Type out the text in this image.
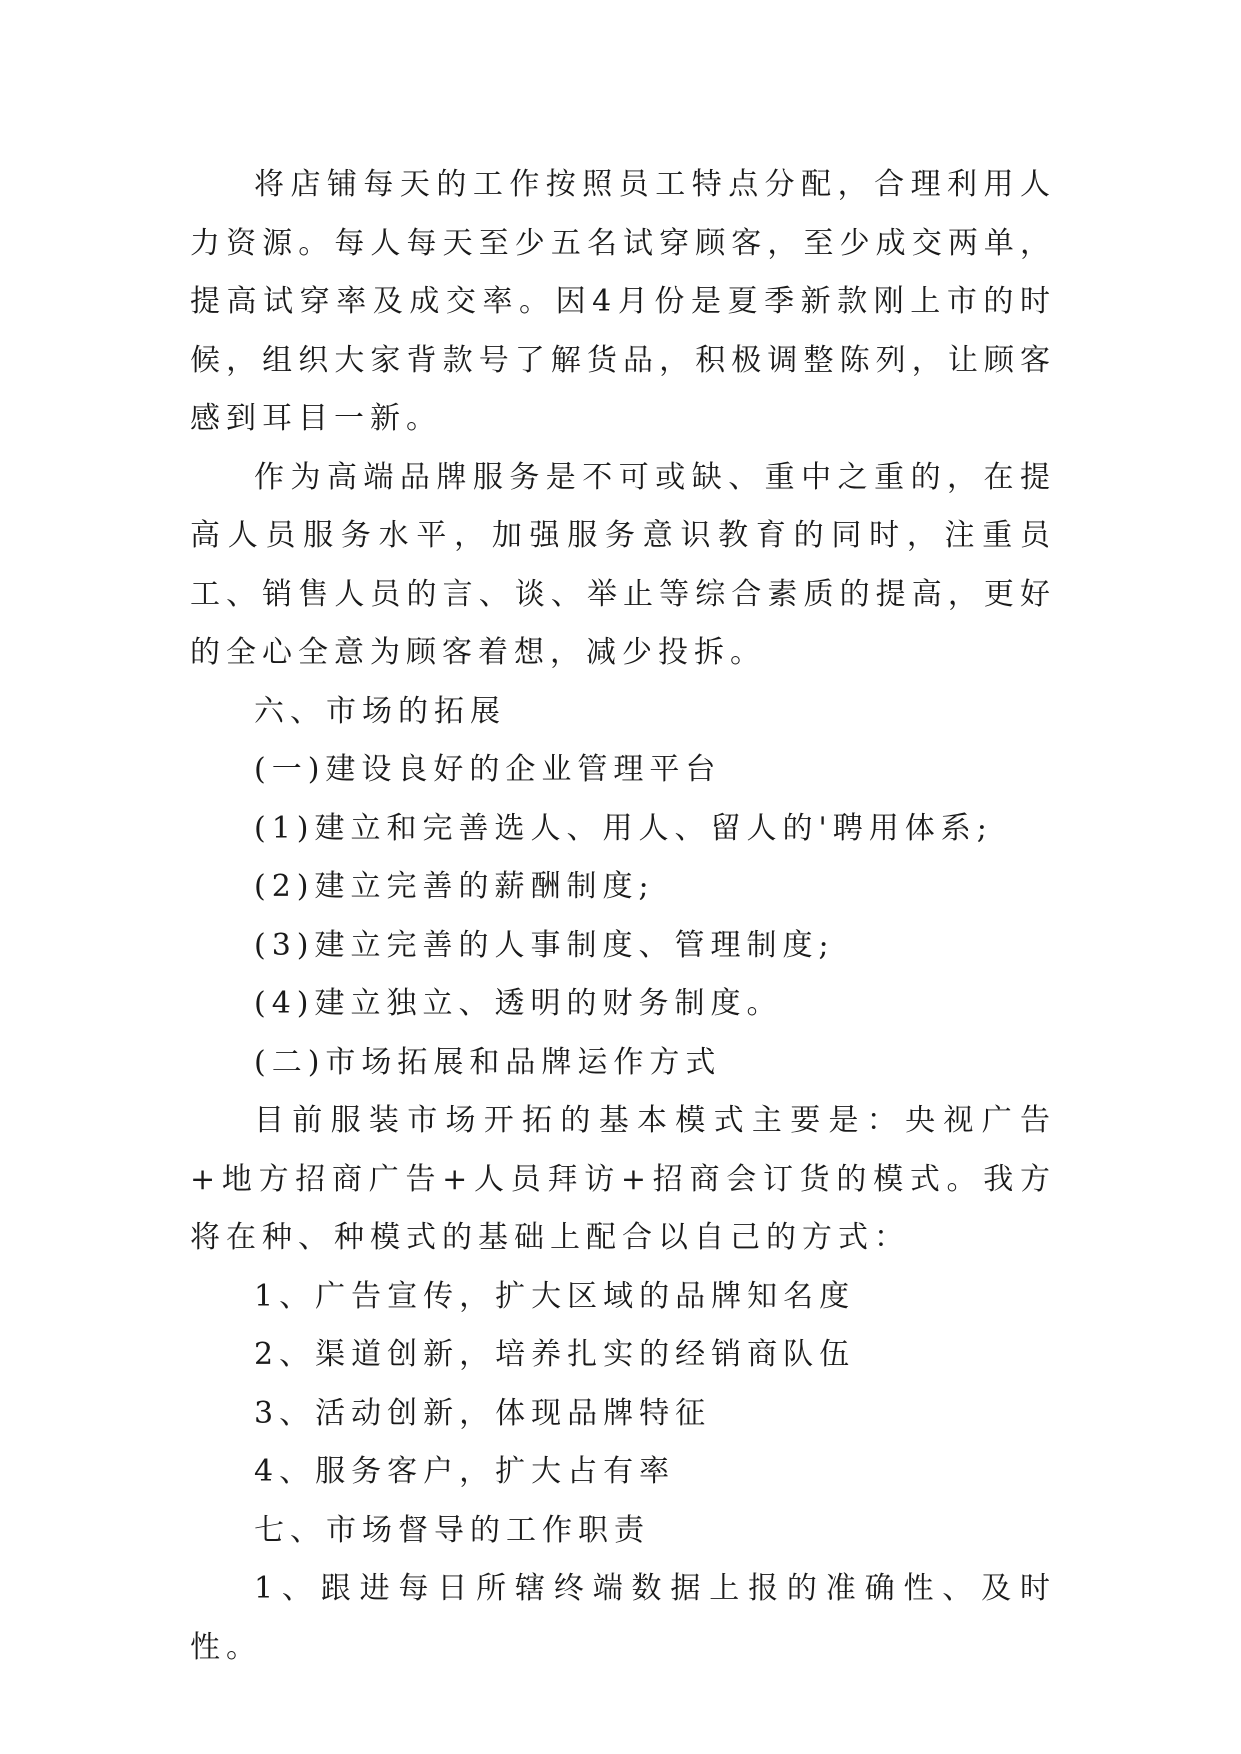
将店铺每天的工作按照员工特点分配，合理利用人力资源。每人每天至少五名试穿顾客，至少成交两单，提高试穿率及成交率。因4月份是夏季新款刚上市的时候，组织大家背款号了解货品，积极调整陈列，让顾客感到耳目一新。

作为高端品牌服务是不可或缺、重中之重的，在提高人员服务水平，加强服务意识教育的同时，注重员工、销售人员的言、谈、举止等综合素质的提高，更好的全心全意为顾客着想，减少投拆。

六、市场的拓展

(一)建设良好的企业管理平台

(1)建立和完善选人、用人、留人的'聘用体系;

(2)建立完善的薪酬制度;

(3)建立完善的人事制度、管理制度;

(4)建立独立、透明的财务制度。

(二)市场拓展和品牌运作方式

目前服装市场开拓的基本模式主要是：央视广告+地方招商广告+人员拜访+招商会订货的模式。我方将在种、种模式的基础上配合以自己的方式：

1、广告宣传，扩大区域的品牌知名度

2、渠道创新，培养扎实的经销商队伍

3、活动创新，体现品牌特征

4、服务客户，扩大占有率

七、市场督导的工作职责

1、跟进每日所辖终端数据上报的准确性、及时性。
